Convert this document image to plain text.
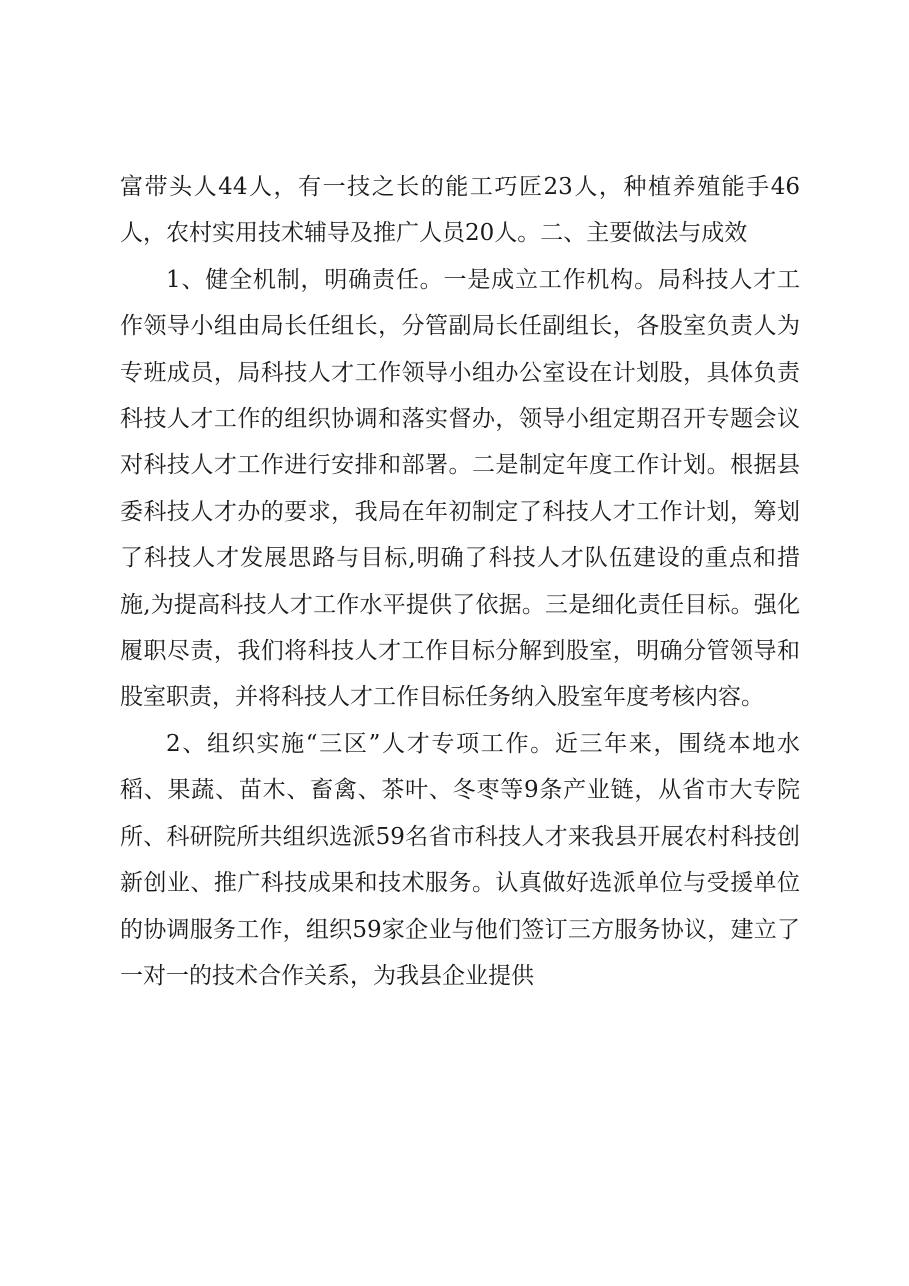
富带头人44人，有一技之长的能工巧匠23人，种植养殖能手46人，农村实用技术辅导及推广人员20人。二、主要做法与成效

1、健全机制，明确责任。一是成立工作机构。局科技人才工作领导小组由局长任组长，分管副局长任副组长，各股室负责人为专班成员，局科技人才工作领导小组办公室设在计划股，具体负责科技人才工作的组织协调和落实督办，领导小组定期召开专题会议对科技人才工作进行安排和部署。二是制定年度工作计划。根据县委科技人才办的要求，我局在年初制定了科技人才工作计划，筹划了科技人才发展思路与目标,明确了科技人才队伍建设的重点和措施,为提高科技人才工作水平提供了依据。三是细化责任目标。强化履职尽责，我们将科技人才工作目标分解到股室，明确分管领导和股室职责，并将科技人才工作目标任务纳入股室年度考核内容。

2、组织实施“三区”人才专项工作。近三年来，围绕本地水稻、果蔬、苗木、畜禽、茶叶、冬枣等9条产业链，从省市大专院所、科研院所共组织选派59名省市科技人才来我县开展农村科技创新创业、推广科技成果和技术服务。认真做好选派单位与受援单位的协调服务工作，组织59家企业与他们签订三方服务协议，建立了一对一的技术合作关系，为我县企业提供
